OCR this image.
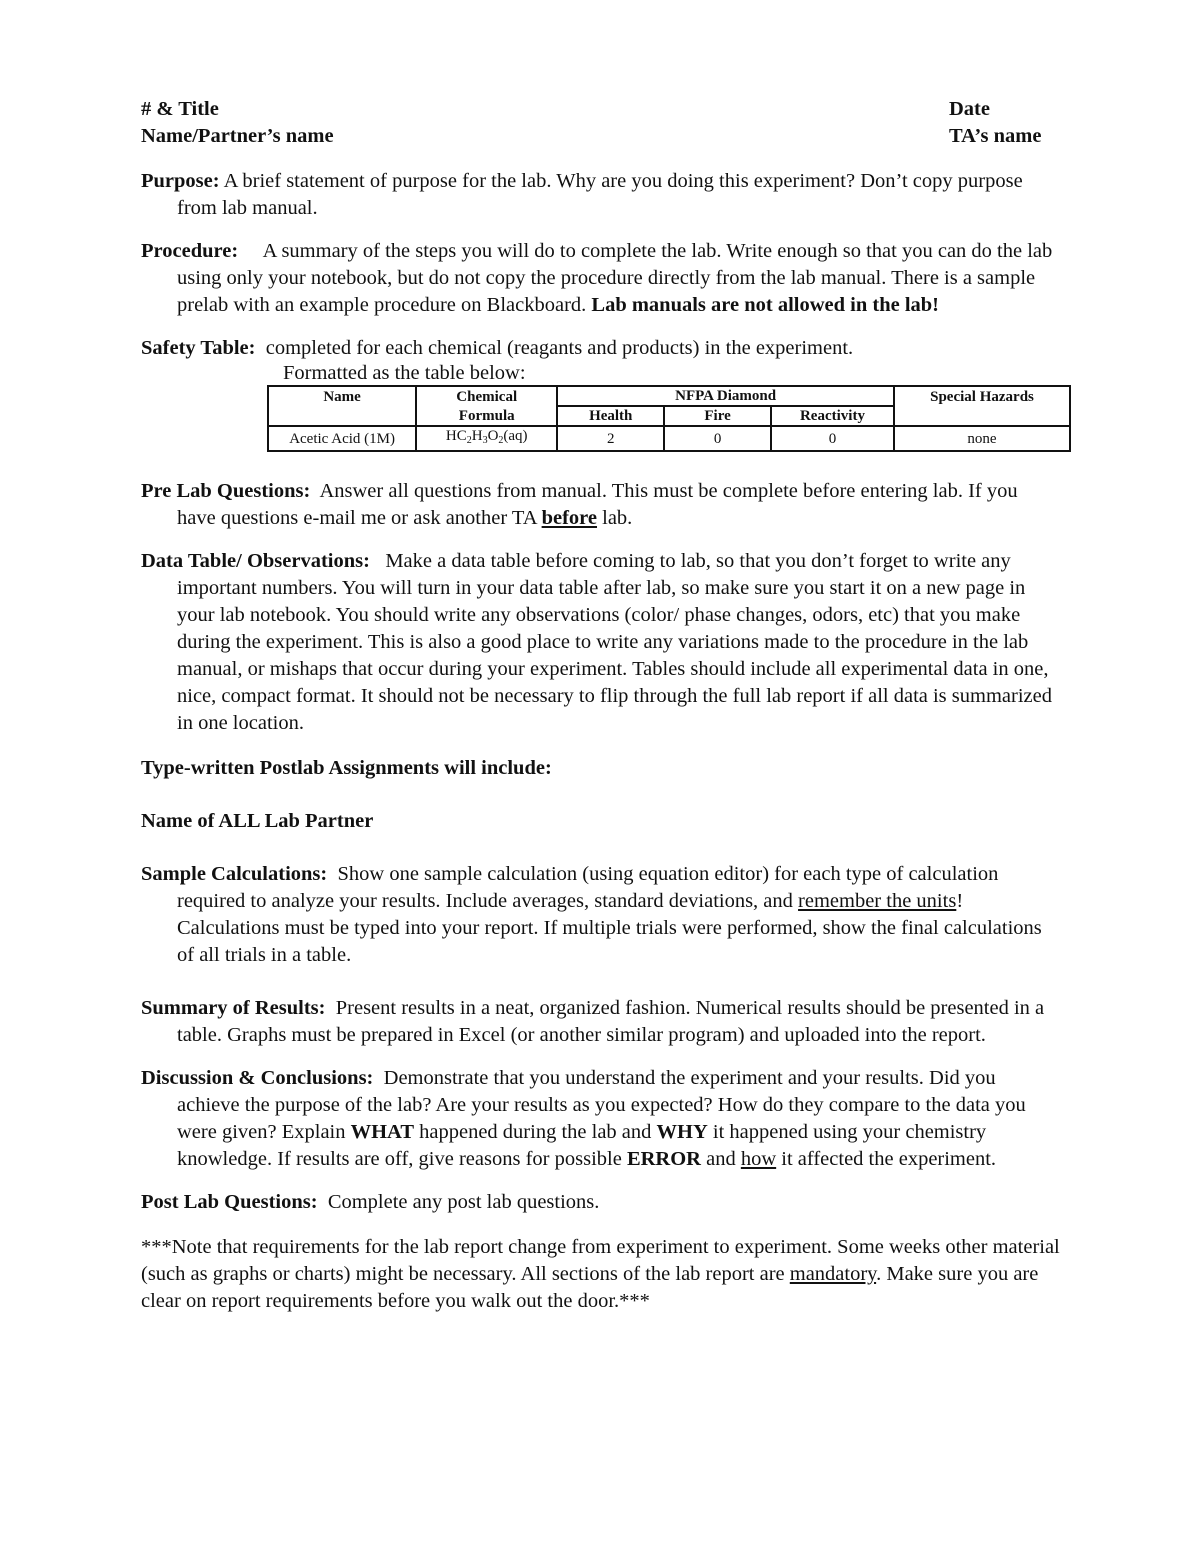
# & Title	Date
Name/Partner’s name	TA’s name

Purpose: A brief statement of purpose for the lab. Why are you doing this experiment? Don’t copy purpose from lab manual.

Procedure: A summary of the steps you will do to complete the lab. Write enough so that you can do the lab using only your notebook, but do not copy the procedure directly from the lab manual. There is a sample prelab with an example procedure on Blackboard. Lab manuals are not allowed in the lab!

Safety Table: completed for each chemical (reagants and products) in the experiment.
Formatted as the table below:
Name	Chemical	NFPA Diamond			Special Hazards
	Formula	Health	Fire	Reactivity	
Acetic Acid (1M)	$HC_2H_3O_2(aq)$	2	0	0	none

Pre Lab Questions: Answer all questions from manual. This must be complete before entering lab. If you have questions e-mail me or ask another TA before lab.

Data Table/ Observations: Make a data table before coming to lab, so that you don’t forget to write any important numbers. You will turn in your data table after lab, so make sure you start it on a new page in your lab notebook. You should write any observations (color/ phase changes, odors, etc) that you make during the experiment. This is also a good place to write any variations made to the procedure in the lab manual, or mishaps that occur during your experiment. Tables should include all experimental data in one, nice, compact format. It should not be necessary to flip through the full lab report if all data is summarized in one location.

Type-written Postlab Assignments will include:

Name of ALL Lab Partner

Sample Calculations: Show one sample calculation (using equation editor) for each type of calculation required to analyze your results. Include averages, standard deviations, and remember the units! Calculations must be typed into your report. If multiple trials were performed, show the final calculations of all trials in a table.

Summary of Results: Present results in a neat, organized fashion. Numerical results should be presented in a table. Graphs must be prepared in Excel (or another similar program) and uploaded into the report.

Discussion & Conclusions: Demonstrate that you understand the experiment and your results. Did you achieve the purpose of the lab? Are your results as you expected? How do they compare to the data you were given? Explain WHAT happened during the lab and WHY it happened using your chemistry knowledge. If results are off, give reasons for possible ERROR and how it affected the experiment.

Post Lab Questions: Complete any post lab questions.

***Note that requirements for the lab report change from experiment to experiment. Some weeks other material (such as graphs or charts) might be necessary. All sections of the lab report are mandatory. Make sure you are clear on report requirements before you walk out the door.***
